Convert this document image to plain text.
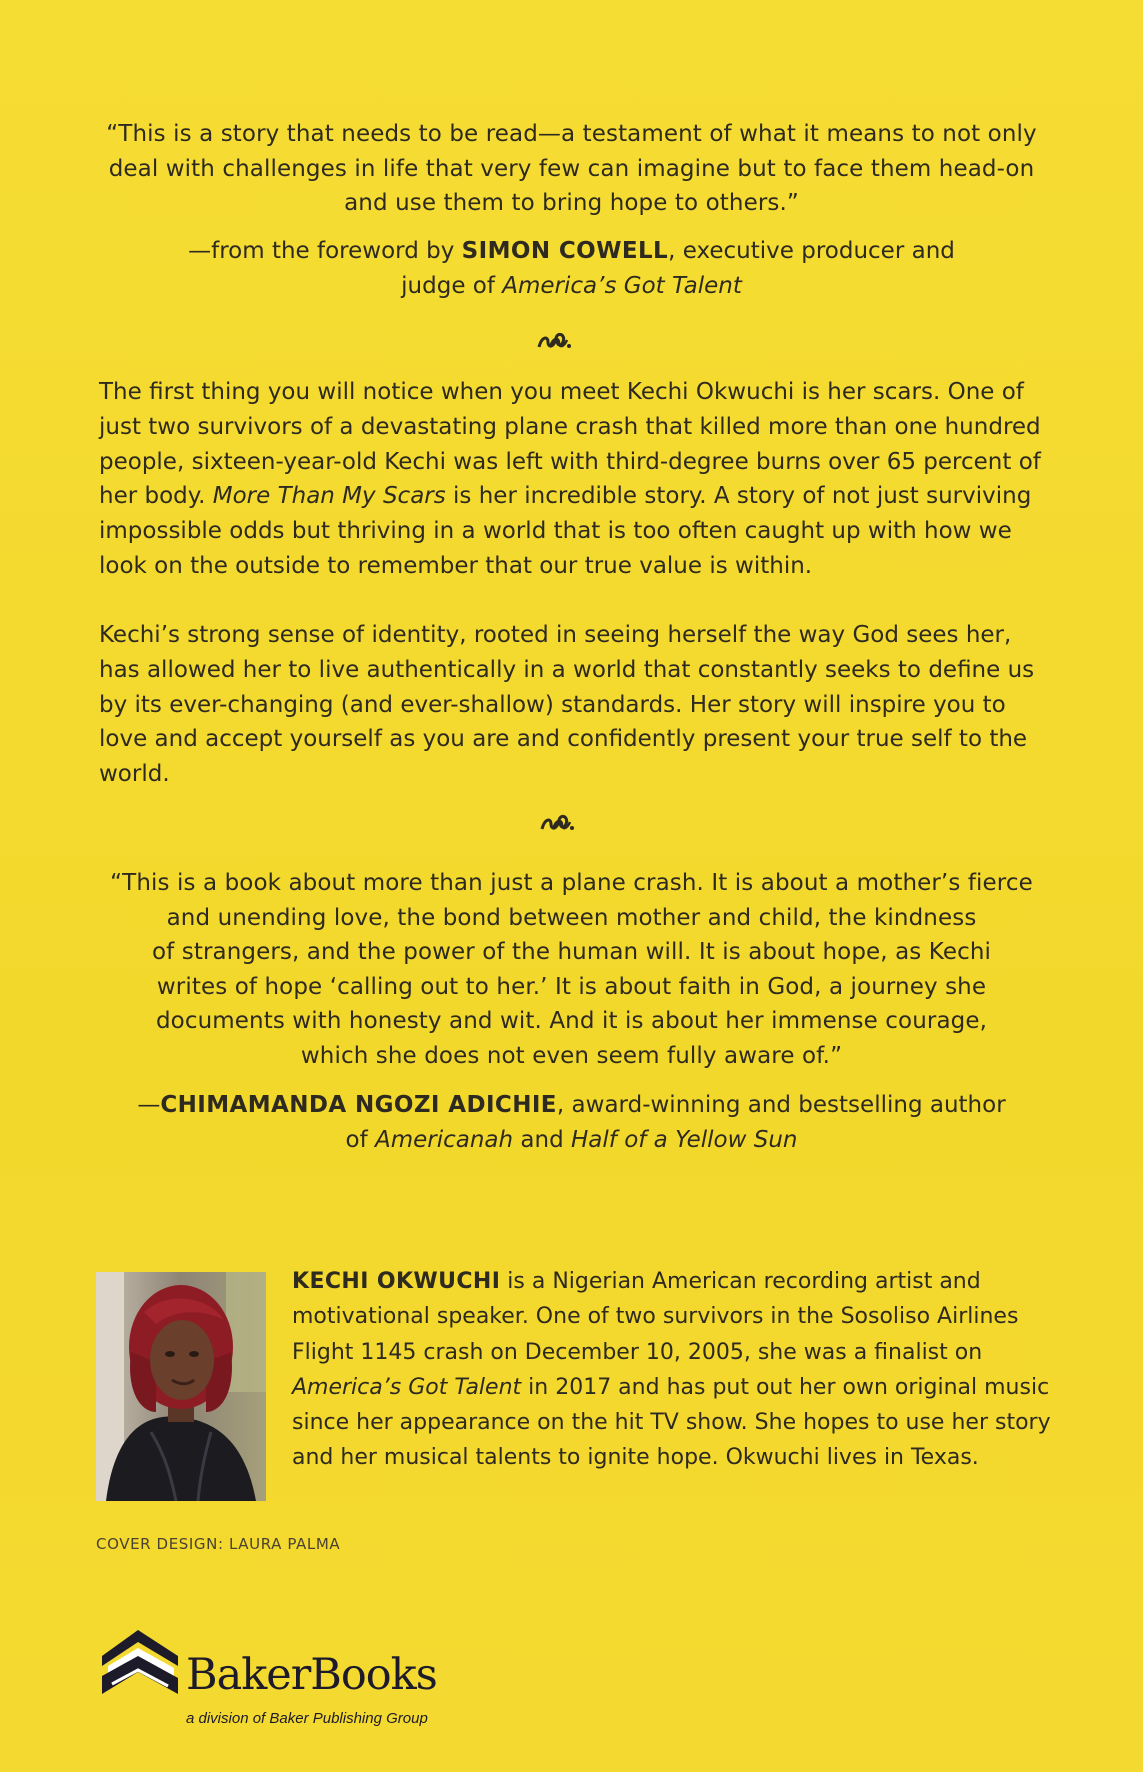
“This is a story that needs to be read—a testament of what it means to not only
deal with challenges in life that very few can imagine but to face them head-on
and use them to bring hope to others.”
—from the foreword by SIMON COWELL, executive producer and
judge of America’s Got Talent
The first thing you will notice when you meet Kechi Okwuchi is her scars. One of
just two survivors of a devastating plane crash that killed more than one hundred
people, sixteen-year-old Kechi was left with third-degree burns over 65 percent of
her body. More Than My Scars is her incredible story. A story of not just surviving
impossible odds but thriving in a world that is too often caught up with how we
look on the outside to remember that our true value is within.
Kechi’s strong sense of identity, rooted in seeing herself the way God sees her,
has allowed her to live authentically in a world that constantly seeks to define us
by its ever-changing (and ever-shallow) standards. Her story will inspire you to
love and accept yourself as you are and confidently present your true self to the
world.
“This is a book about more than just a plane crash. It is about a mother’s fierce
and unending love, the bond between mother and child, the kindness
of strangers, and the power of the human will. It is about hope, as Kechi
writes of hope ‘calling out to her.’ It is about faith in God, a journey she
documents with honesty and wit. And it is about her immense courage,
which she does not even seem fully aware of.”
—CHIMAMANDA NGOZI ADICHIE, award-winning and bestselling author
of Americanah and Half of a Yellow Sun
KECHI OKWUCHI is a Nigerian American recording artist and
motivational speaker. One of two survivors in the Sosoliso Airlines
Flight 1145 crash on December 10, 2005, she was a finalist on
America’s Got Talent in 2017 and has put out her own original music
since her appearance on the hit TV show. She hopes to use her story
and her musical talents to ignite hope. Okwuchi lives in Texas.
COVER DESIGN: LAURA PALMA
BakerBooks
a division of Baker Publishing Group
